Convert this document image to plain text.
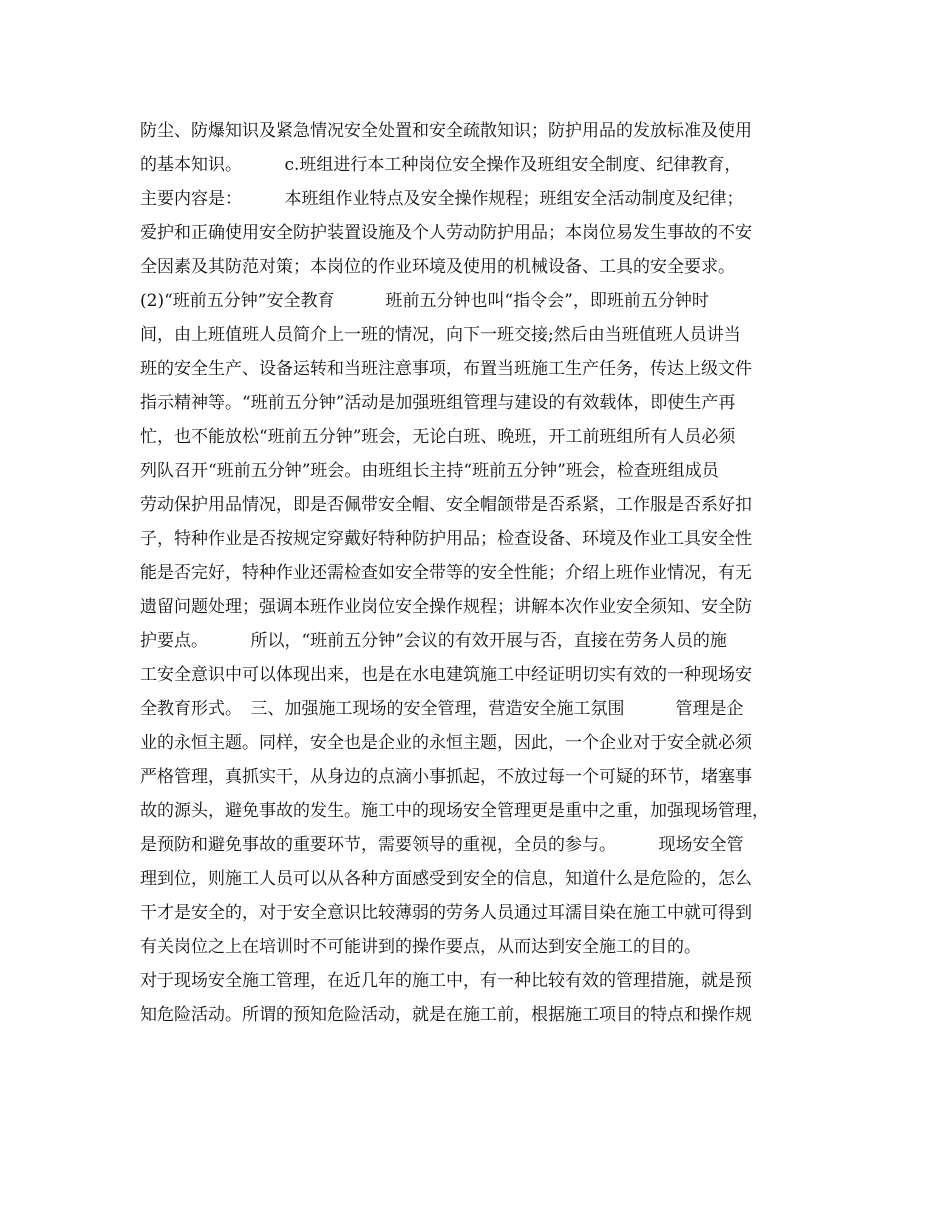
防尘、防爆知识及紧急情况安全处置和安全疏散知识；防护用品的发放标准及使用
的基本知识。　　　c.班组进行本工种岗位安全操作及班组安全制度、纪律教育，
主要内容是：　　　本班组作业特点及安全操作规程；班组安全活动制度及纪律；
爱护和正确使用安全防护装置设施及个人劳动防护用品；本岗位易发生事故的不安
全因素及其防范对策；本岗位的作业环境及使用的机械设备、工具的安全要求。
(2)“班前五分钟”安全教育　　　班前五分钟也叫“指令会”，即班前五分钟时
间，由上班值班人员简介上一班的情况，向下一班交接;然后由当班值班人员讲当
班的安全生产、设备运转和当班注意事项，布置当班施工生产任务，传达上级文件
指示精神等。“班前五分钟”活动是加强班组管理与建设的有效载体，即使生产再
忙，也不能放松“班前五分钟”班会，无论白班、晚班，开工前班组所有人员必须
列队召开“班前五分钟”班会。由班组长主持“班前五分钟”班会，检查班组成员
劳动保护用品情况，即是否佩带安全帽、安全帽颌带是否系紧，工作服是否系好扣
子，特种作业是否按规定穿戴好特种防护用品；检查设备、环境及作业工具安全性
能是否完好，特种作业还需检查如安全带等的安全性能；介绍上班作业情况，有无
遗留问题处理；强调本班作业岗位安全操作规程；讲解本次作业安全须知、安全防
护要点。　　　所以，“班前五分钟”会议的有效开展与否，直接在劳务人员的施
工安全意识中可以体现出来，也是在水电建筑施工中经证明切实有效的一种现场安
全教育形式。　三、加强施工现场的安全管理，营造安全施工氛围　　　管理是企
业的永恒主题。同样，安全也是企业的永恒主题，因此，一个企业对于安全就必须
严格管理，真抓实干，从身边的点滴小事抓起，不放过每一个可疑的环节，堵塞事
故的源头，避免事故的发生。施工中的现场安全管理更是重中之重，加强现场管理，
是预防和避免事故的重要环节，需要领导的重视，全员的参与。　　　现场安全管
理到位，则施工人员可以从各种方面感受到安全的信息，知道什么是危险的，怎么
干才是安全的，对于安全意识比较薄弱的劳务人员通过耳濡目染在施工中就可得到
有关岗位之上在培训时不可能讲到的操作要点，从而达到安全施工的目的。
对于现场安全施工管理，在近几年的施工中，有一种比较有效的管理措施，就是预
知危险活动。所谓的预知危险活动，就是在施工前，根据施工项目的特点和操作规
